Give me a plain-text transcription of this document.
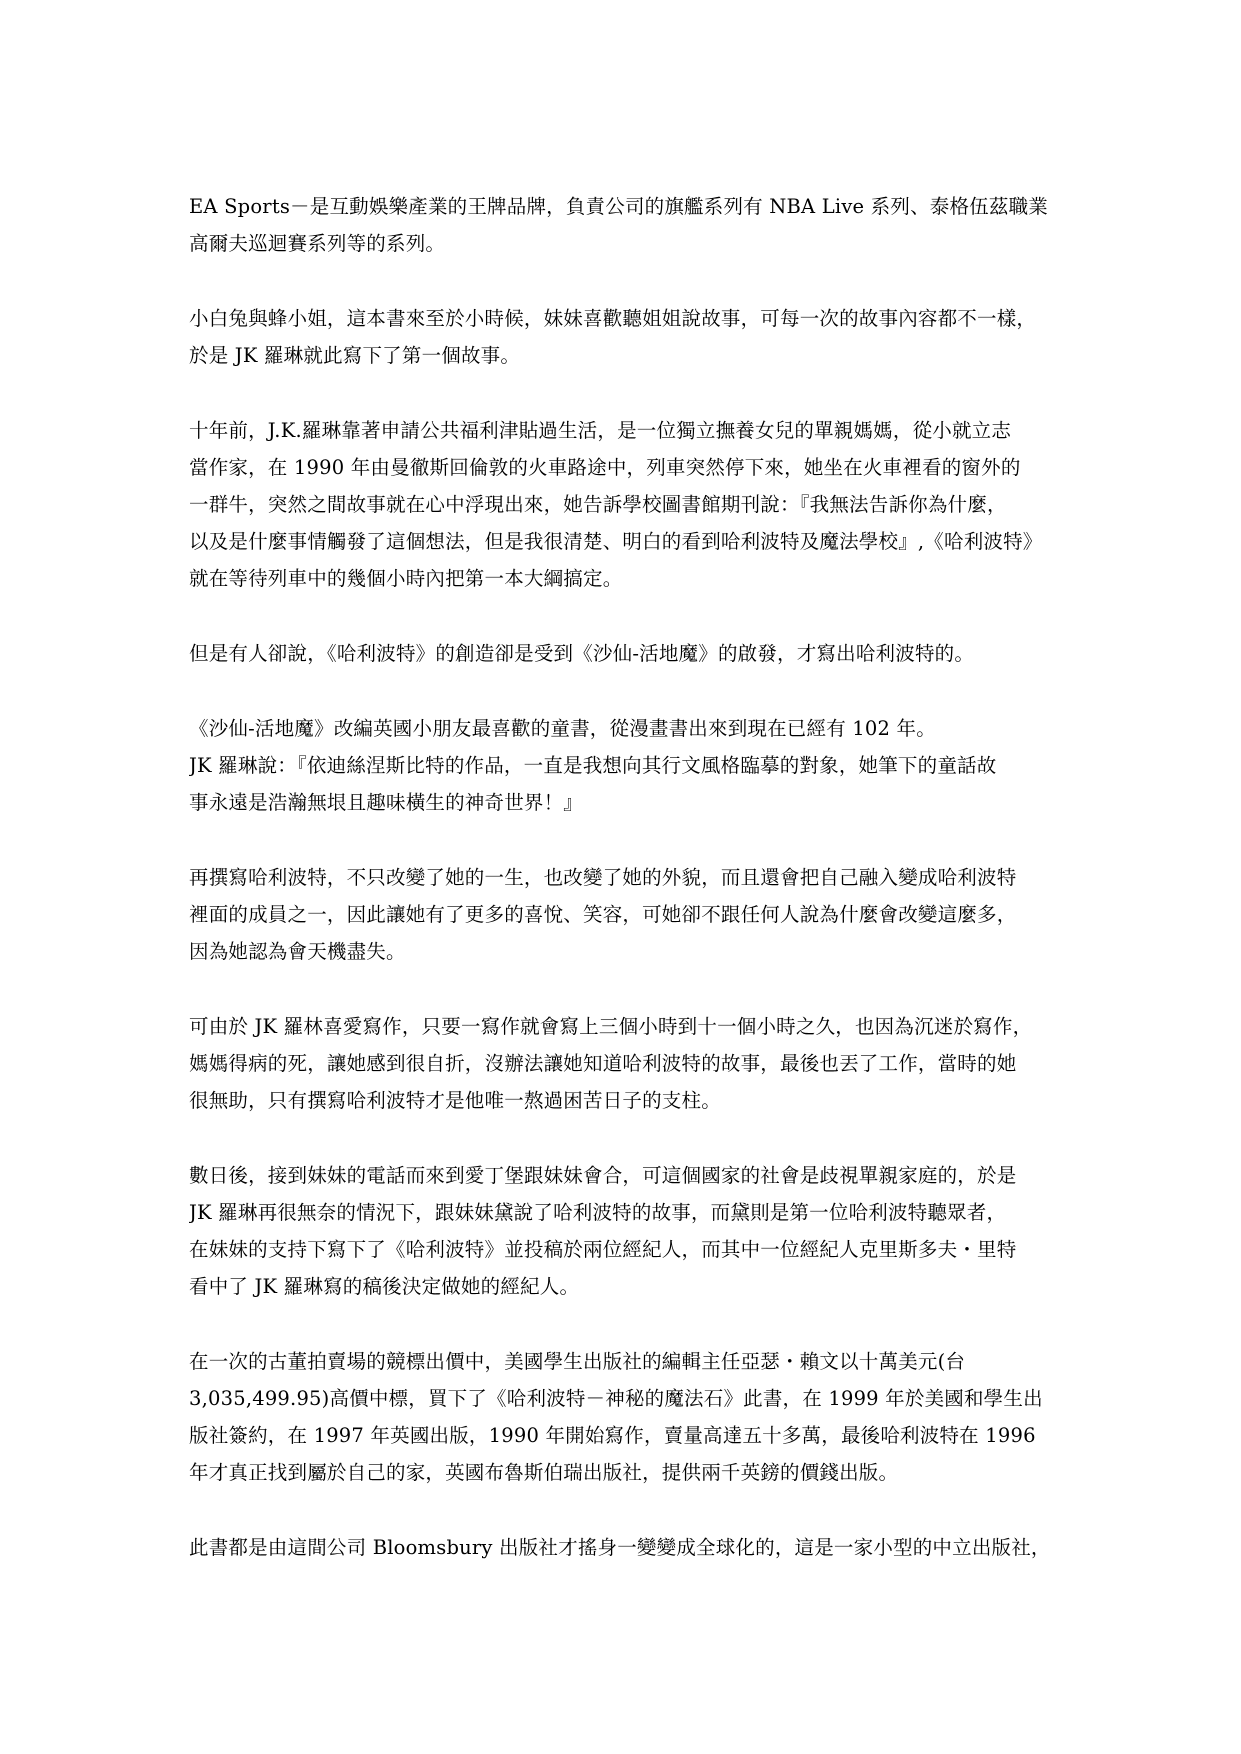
EA Sports－是互動娛樂產業的王牌品牌，負責公司的旗艦系列有 NBA Live 系列、泰格伍茲職業
高爾夫巡迴賽系列等的系列。

小白兔與蜂小姐，這本書來至於小時候，妹妹喜歡聽姐姐說故事，可每一次的故事內容都不一樣，
於是 JK 羅琳就此寫下了第一個故事。

十年前，J.K.羅琳靠著申請公共福利津貼過生活，是一位獨立撫養女兒的單親媽媽，從小就立志
當作家，在 1990 年由曼徹斯回倫敦的火車路途中，列車突然停下來，她坐在火車裡看的窗外的
一群牛，突然之間故事就在心中浮現出來，她告訴學校圖書館期刊說：『我無法告訴你為什麼，
以及是什麼事情觸發了這個想法，但是我很清楚、明白的看到哈利波特及魔法學校』,《哈利波特》
就在等待列車中的幾個小時內把第一本大綱搞定。

但是有人卻說，《哈利波特》的創造卻是受到《沙仙-活地魔》的啟發，才寫出哈利波特的。

《沙仙-活地魔》改編英國小朋友最喜歡的童書，從漫畫書出來到現在已經有 102 年。
JK 羅琳說：『依迪絲涅斯比特的作品，一直是我想向其行文風格臨摹的對象，她筆下的童話故
事永遠是浩瀚無垠且趣味橫生的神奇世界！』

再撰寫哈利波特，不只改變了她的一生，也改變了她的外貌，而且還會把自己融入變成哈利波特
裡面的成員之一，因此讓她有了更多的喜悅、笑容，可她卻不跟任何人說為什麼會改變這麼多，
因為她認為會天機盡失。

可由於 JK 羅林喜愛寫作，只要一寫作就會寫上三個小時到十一個小時之久，也因為沉迷於寫作，
媽媽得病的死，讓她感到很自折，沒辦法讓她知道哈利波特的故事，最後也丟了工作，當時的她
很無助，只有撰寫哈利波特才是他唯一熬過困苦日子的支柱。

數日後，接到妹妹的電話而來到愛丁堡跟妹妹會合，可這個國家的社會是歧視單親家庭的，於是
JK 羅琳再很無奈的情況下，跟妹妹黛說了哈利波特的故事，而黛則是第一位哈利波特聽眾者，
在妹妹的支持下寫下了《哈利波特》並投稿於兩位經紀人，而其中一位經紀人克里斯多夫・里特
看中了 JK 羅琳寫的稿後決定做她的經紀人。

在一次的古董拍賣場的競標出價中，美國學生出版社的編輯主任亞瑟・賴文以十萬美元(台
3,035,499.95)高價中標，買下了《哈利波特－神秘的魔法石》此書，在 1999 年於美國和學生出
版社簽約，在 1997 年英國出版，1990 年開始寫作，賣量高達五十多萬，最後哈利波特在 1996
年才真正找到屬於自己的家，英國布魯斯伯瑞出版社，提供兩千英鎊的價錢出版。

此書都是由這間公司 Bloomsbury 出版社才搖身一變變成全球化的，這是一家小型的中立出版社，
